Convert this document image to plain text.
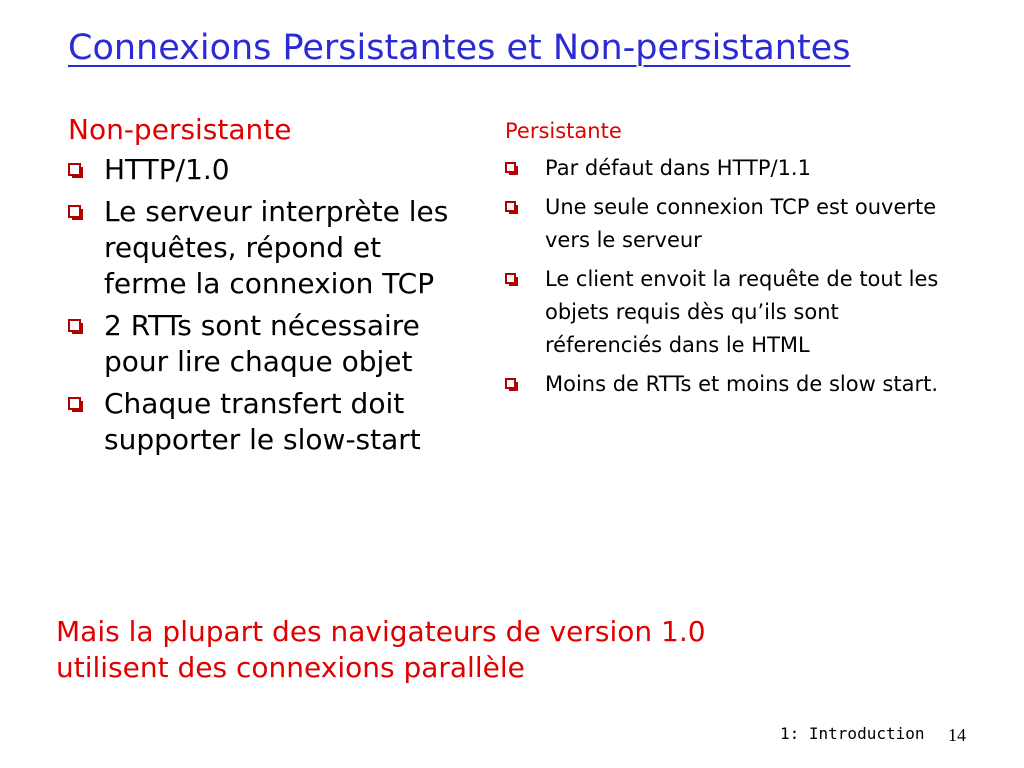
Connexions Persistantes et Non-persistantes
Non-persistante
HTTP/1.0
Le serveur interprète les requêtes, répond et ferme la connexion TCP
2 RTTs sont nécessaire pour lire chaque objet
Chaque transfert doit supporter le slow-start
Persistante
Par défaut dans HTTP/1.1
Une seule connexion TCP est ouverte vers le serveur
Le client envoit la requête de tout les objets requis dès qu’ils sont réferenciés dans le HTML
Moins de RTTs et moins de slow start.
Mais la plupart des navigateurs de version 1.0 utilisent des connexions parallèle
1: Introduction 14
